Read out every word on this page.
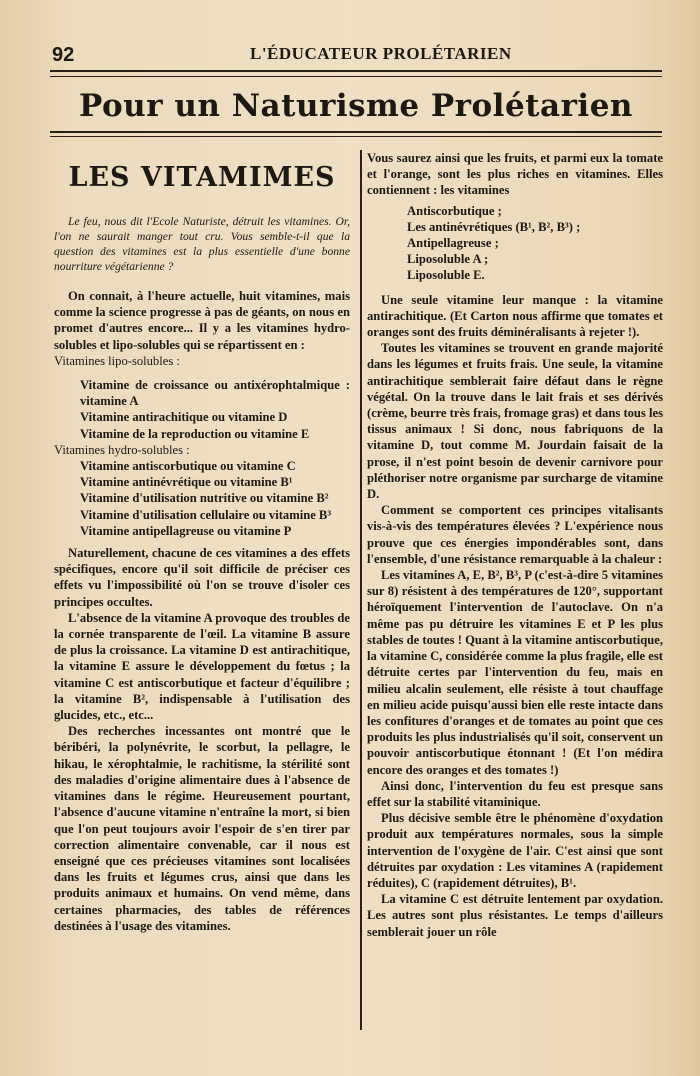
92	L'ÉDUCATEUR PROLÉTARIEN
Pour un Naturisme Prolétarien
LES VITAMIMES

Le feu, nous dit l'Ecole Naturiste, détruit les vitamines. Or, l'on ne saurait manger tout cru. Vous semble-t-il que la question des vitamines est la plus essentielle d'une bonne nourriture végétarienne ?

On connait, à l'heure actuelle, huit vitamines, mais comme la science progresse à pas de géants, on nous en promet d'autres encore... Il y a les vitamines hydro-solubles et lipo-solubles qui se répartissent en :

Vitamines lipo-solubles :
Vitamine de croissance ou antixérophtalmique : vitamine A
Vitamine antirachitique ou vitamine D
Vitamine de la reproduction ou vitamine E
Vitamines hydro-solubles :
Vitamine antiscorbutique ou vitamine C
Vitamine antinévrétique ou vitamine B¹
Vitamine d'utilisation nutritive ou vitamine B²
Vitamine d'utilisation cellulaire ou vitamine B³
Vitamine antipellagreuse ou vitamine P

Naturellement, chacune de ces vitamines a des effets spécifiques, encore qu'il soit difficile de préciser ces effets vu l'impossibilité où l'on se trouve d'isoler ces principes occultes.

L'absence de la vitamine A provoque des troubles de la cornée transparente de l'œil. La vitamine B assure de plus la croissance. La vitamine D est antirachitique, la vitamine E assure le développement du fœtus ; la vitamine C est antiscorbutique et facteur d'équilibre ; la vitamine B², indispensable à l'utilisation des glucides, etc., etc...

Des recherches incessantes ont montré que le béribéri, la polynévrite, le scorbut, la pellagre, le hikau, le xérophtalmie, le rachitisme, la stérilité sont des maladies d'origine alimentaire dues à l'absence de vitamines dans le régime. Heureusement pourtant, l'absence d'aucune vitamine n'entraîne la mort, si bien que l'on peut toujours avoir l'espoir de s'en tirer par correction alimentaire convenable, car il nous est enseigné que ces précieuses vitamines sont localisées dans les fruits et légumes crus, ainsi que dans les produits animaux et humains. On vend même, dans certaines pharmacies, des tables de références destinées à l'usage des vitamines.

Vous saurez ainsi que les fruits, et parmi eux la tomate et l'orange, sont les plus riches en vitamines. Elles contiennent : les vitamines

Antiscorbutique ;
Les antinévrétiques (B¹, B², B³) ;
Antipellagreuse ;
Liposoluble A ;
Liposoluble E.

Une seule vitamine leur manque : la vitamine antirachitique. (Et Carton nous affirme que tomates et oranges sont des fruits déminéralisants à rejeter !).

Toutes les vitamines se trouvent en grande majorité dans les légumes et fruits frais. Une seule, la vitamine antirachitique semblerait faire défaut dans le règne végétal. On la trouve dans le lait frais et ses dérivés (crème, beurre très frais, fromage gras) et dans tous les tissus animaux ! Si donc, nous fabriquons de la vitamine D, tout comme M. Jourdain faisait de la prose, il n'est point besoin de devenir carnivore pour pléthoriser notre organisme par surcharge de vitamine D.

Comment se comportent ces principes vitalisants vis-à-vis des températures élevées ? L'expérience nous prouve que ces énergies impondérables sont, dans l'ensemble, d'une résistance remarquable à la chaleur :

Les vitamines A, E, B², B³, P (c'est-à-dire 5 vitamines sur 8) résistent à des températures de 120°, supportant héroïquement l'intervention de l'autoclave. On n'a même pas pu détruire les vitamines E et P les plus stables de toutes ! Quant à la vitamine antiscorbutique, la vitamine C, considérée comme la plus fragile, elle est détruite certes par l'intervention du feu, mais en milieu alcalin seulement, elle résiste à tout chauffage en milieu acide puisqu'aussi bien elle reste intacte dans les confitures d'oranges et de tomates au point que ces produits les plus industrialisés qu'il soit, conservent un pouvoir antiscorbutique étonnant ! (Et l'on médira encore des oranges et des tomates !)

Ainsi donc, l'intervention du feu est presque sans effet sur la stabilité vitaminique.

Plus décisive semble être le phénomène d'oxydation produit aux températures normales, sous la simple intervention de l'oxygène de l'air. C'est ainsi que sont détruites par oxydation : Les vitamines A (rapidement réduites), C (rapidement détruites), B¹.

La vitamine C est détruite lentement par oxydation. Les autres sont plus résistantes. Le temps d'ailleurs semblerait jouer un rôle
